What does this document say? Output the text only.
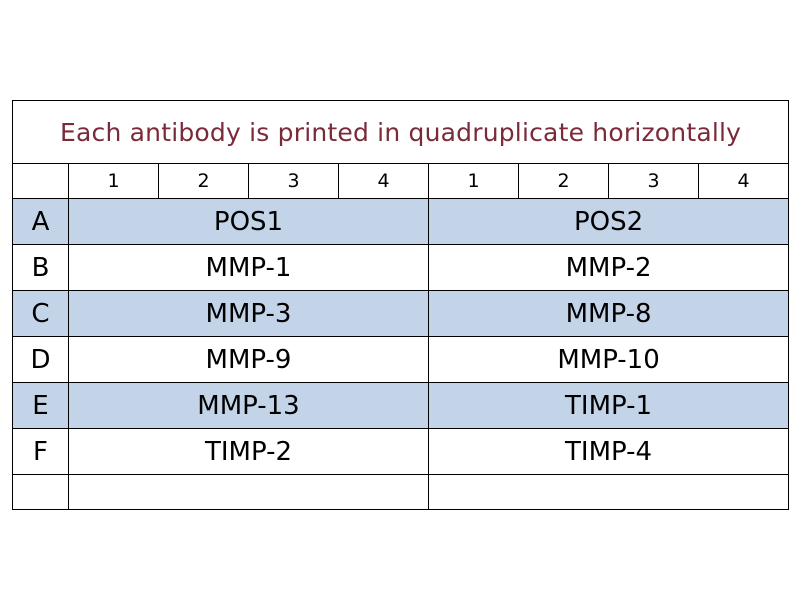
Each antibody is printed in quadruplicate horizontally								
	1	2	3	4	1	2	3	4
A	POS1				POS2			
B	MMP-1				MMP-2			
C	MMP-3				MMP-8			
D	MMP-9				MMP-10			
E	MMP-13				TIMP-1			
F	TIMP-2				TIMP-4			
